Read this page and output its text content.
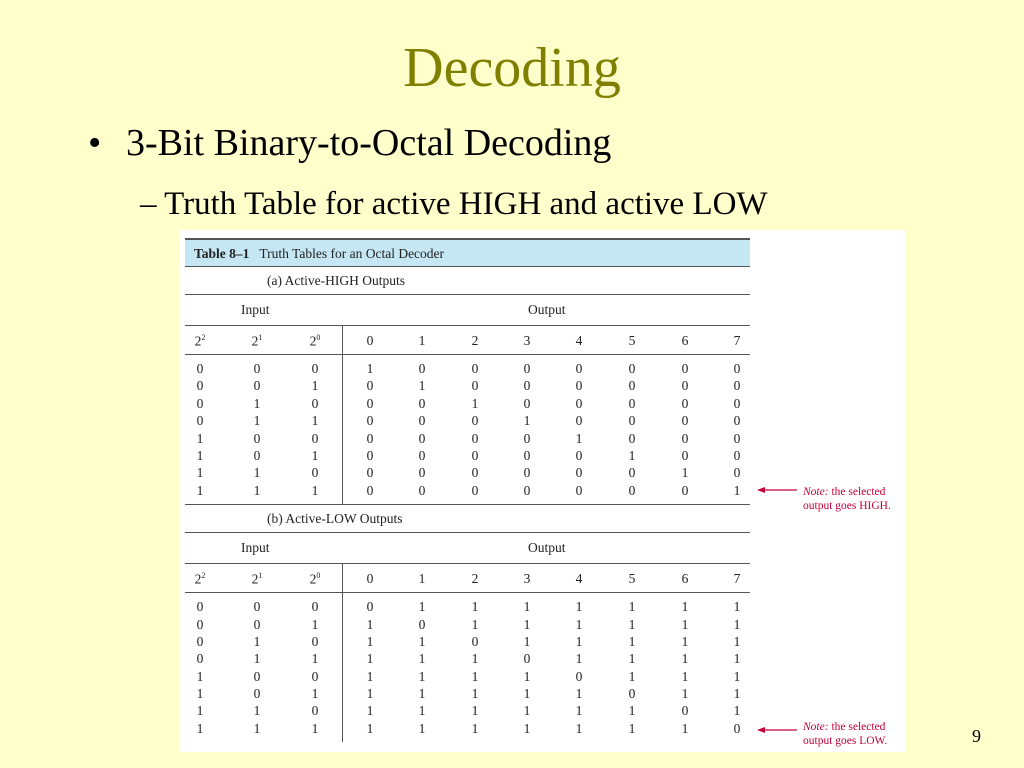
Decoding
• 3-Bit Binary-to-Octal Decoding
– Truth Table for active HIGH and active LOW
Table 8–1 Truth Tables for an Octal Decoder
(a) Active-HIGH Outputs
Input	Output
$2^2$	$2^1$	$2^0$	0	1	2	3	4	5	6	7
0	0	0	1	0	0	0	0	0	0	0
0	0	1	0	1	0	0	0	0	0	0
0	1	0	0	0	1	0	0	0	0	0
0	1	1	0	0	0	1	0	0	0	0
1	0	0	0	0	0	0	1	0	0	0
1	0	1	0	0	0	0	0	1	0	0
1	1	0	0	0	0	0	0	0	1	0
1	1	1	0	0	0	0	0	0	0	1
(b) Active-LOW Outputs
Input	Output
$2^2$	$2^1$	$2^0$	0	1	2	3	4	5	6	7
0	0	0	0	1	1	1	1	1	1	1
0	0	1	1	0	1	1	1	1	1	1
0	1	0	1	1	0	1	1	1	1	1
0	1	1	1	1	1	0	1	1	1	1
1	0	0	1	1	1	1	0	1	1	1
1	0	1	1	1	1	1	1	0	1	1
1	1	0	1	1	1	1	1	1	0	1
1	1	1	1	1	1	1	1	1	1	0
Note: the selected
output goes HIGH.
Note: the selected
output goes LOW.	9
